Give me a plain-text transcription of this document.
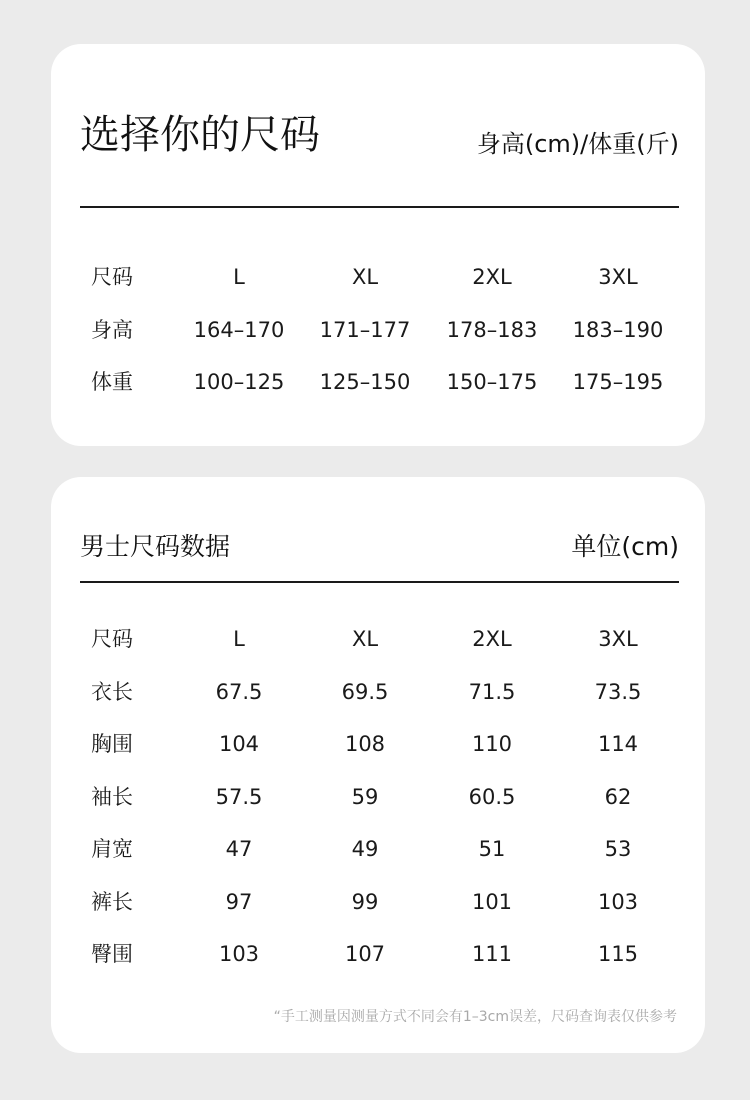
选择你的尺码	身高(cm)/体重(斤)
尺码	L	XL	2XL	3XL
身高	164–170	171–177	178–183	183–190
体重	100–125	125–150	150–175	175–195
男士尺码数据	单位(cm)
尺码	L	XL	2XL	3XL
衣长	67.5	69.5	71.5	73.5
胸围	104	108	110	114
袖长	57.5	59	60.5	62
肩宽	47	49	51	53
裤长	97	99	101	103
臀围	103	107	111	115
“手工测量因测量方式不同会有1–3cm误差，尺码查询表仅供参考
